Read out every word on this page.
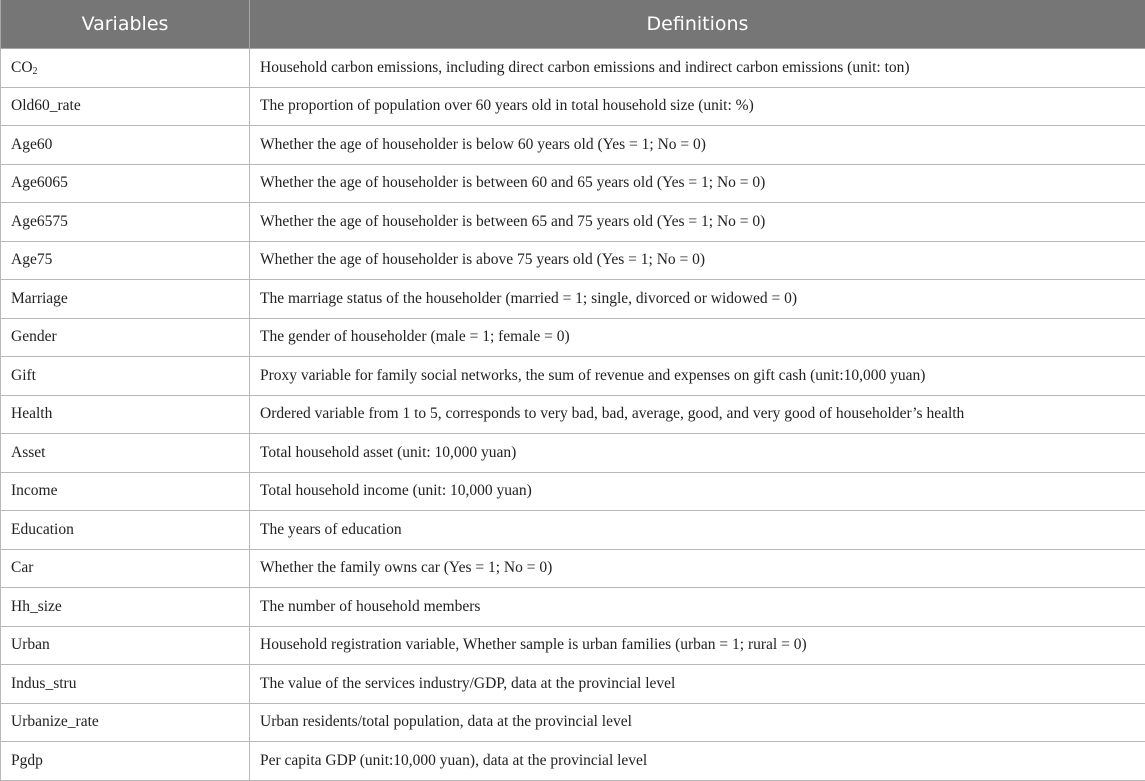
Variables	Definitions
$CO_2$	Household carbon emissions, including direct carbon emissions and indirect carbon emissions (unit: ton)
Old60_rate	The proportion of population over 60 years old in total household size (unit: %)
Age60	Whether the age of householder is below 60 years old (Yes = 1; No = 0)
Age6065	Whether the age of householder is between 60 and 65 years old (Yes = 1; No = 0)
Age6575	Whether the age of householder is between 65 and 75 years old (Yes = 1; No = 0)
Age75	Whether the age of householder is above 75 years old (Yes = 1; No = 0)
Marriage	The marriage status of the householder (married = 1; single, divorced or widowed = 0)
Gender	The gender of householder (male = 1; female = 0)
Gift	Proxy variable for family social networks, the sum of revenue and expenses on gift cash (unit:10,000 yuan)
Health	Ordered variable from 1 to 5, corresponds to very bad, bad, average, good, and very good of householder’s health
Asset	Total household asset (unit: 10,000 yuan)
Income	Total household income (unit: 10,000 yuan)
Education	The years of education
Car	Whether the family owns car (Yes = 1; No = 0)
Hh_size	The number of household members
Urban	Household registration variable, Whether sample is urban families (urban = 1; rural = 0)
Indus_stru	The value of the services industry/GDP, data at the provincial level
Urbanize_rate	Urban residents/total population, data at the provincial level
Pgdp	Per capita GDP (unit:10,000 yuan), data at the provincial level
